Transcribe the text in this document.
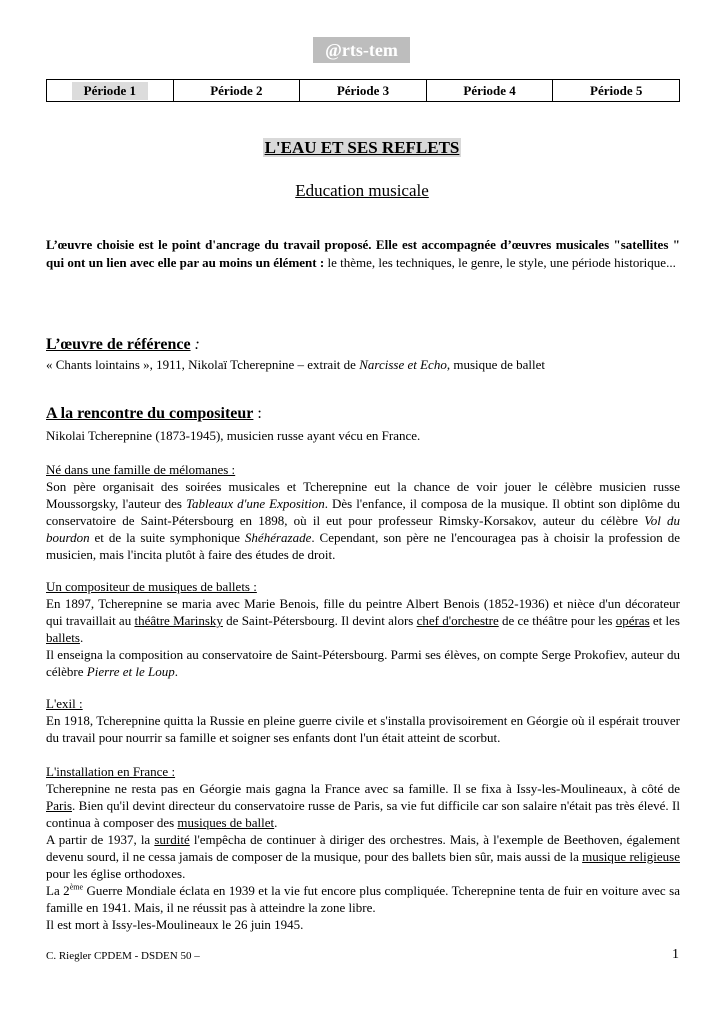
@rts-tem
Période 1	Période 2	Période 3	Période 4	Période 5
L'EAU ET SES REFLETS
Education musicale
L’œuvre choisie est le point d'ancrage du travail proposé. Elle est accompagnée d’œuvres musicales "satellites " qui ont un lien avec elle par au moins un élément : le thème, les techniques, le genre, le style, une période historique...
L’œuvre de référence :
« Chants lointains », 1911, Nikolaï Tcherepnine – extrait de Narcisse et Echo, musique de ballet
A la rencontre du compositeur :
Nikolai Tcherepnine (1873-1945), musicien russe ayant vécu en France.
Né dans une famille de mélomanes :
Son père organisait des soirées musicales et Tcherepnine eut la chance de voir jouer le célèbre musicien russe Moussorgsky, l'auteur des Tableaux d'une Exposition. Dès l'enfance, il composa de la musique. Il obtint son diplôme du conservatoire de Saint-Pétersbourg en 1898, où il eut pour professeur Rimsky-Korsakov, auteur du célèbre Vol du bourdon et de la suite symphonique Shéhérazade. Cependant, son père ne l'encouragea pas à choisir la profession de musicien, mais l'incita plutôt à faire des études de droit.
Un compositeur de musiques de ballets :
En 1897, Tcherepnine se maria avec Marie Benois, fille du peintre Albert Benois (1852-1936) et nièce d'un décorateur qui travaillait au théâtre Marinsky de Saint-Pétersbourg. Il devint alors chef d'orchestre de ce théâtre pour les opéras et les ballets.
Il enseigna la composition au conservatoire de Saint-Pétersbourg. Parmi ses élèves, on compte Serge Prokofiev, auteur du célèbre Pierre et le Loup.
L'exil :
En 1918, Tcherepnine quitta la Russie en pleine guerre civile et s'installa provisoirement en Géorgie où il espérait trouver du travail pour nourrir sa famille et soigner ses enfants dont l'un était atteint de scorbut.
L'installation en France :
Tcherepnine ne resta pas en Géorgie mais gagna la France avec sa famille. Il se fixa à Issy-les-Moulineaux, à côté de Paris. Bien qu'il devint directeur du conservatoire russe de Paris, sa vie fut difficile car son salaire n'était pas très élevé. Il continua à composer des musiques de ballet.
A partir de 1937, la surdité l'empêcha de continuer à diriger des orchestres. Mais, à l'exemple de Beethoven, également devenu sourd, il ne cessa jamais de composer de la musique, pour des ballets bien sûr, mais aussi de la musique religieuse pour les église orthodoxes.
La 2ème Guerre Mondiale éclata en 1939 et la vie fut encore plus compliquée. Tcherepnine tenta de fuir en voiture avec sa famille en 1941. Mais, il ne réussit pas à atteindre la zone libre.
Il est mort à Issy-les-Moulineaux le 26 juin 1945.
C. Riegler CPDEM - DSDEN 50 –	1
